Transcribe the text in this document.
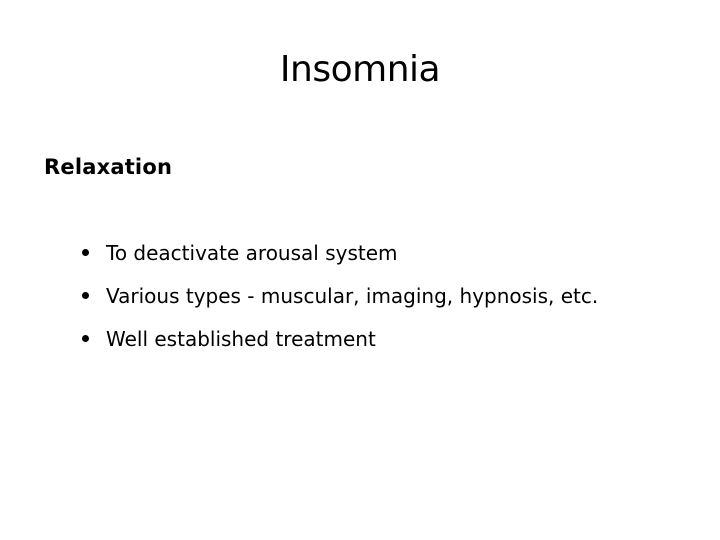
Insomnia
Relaxation
To deactivate arousal system
Various types - muscular, imaging, hypnosis, etc.
Well established treatment
